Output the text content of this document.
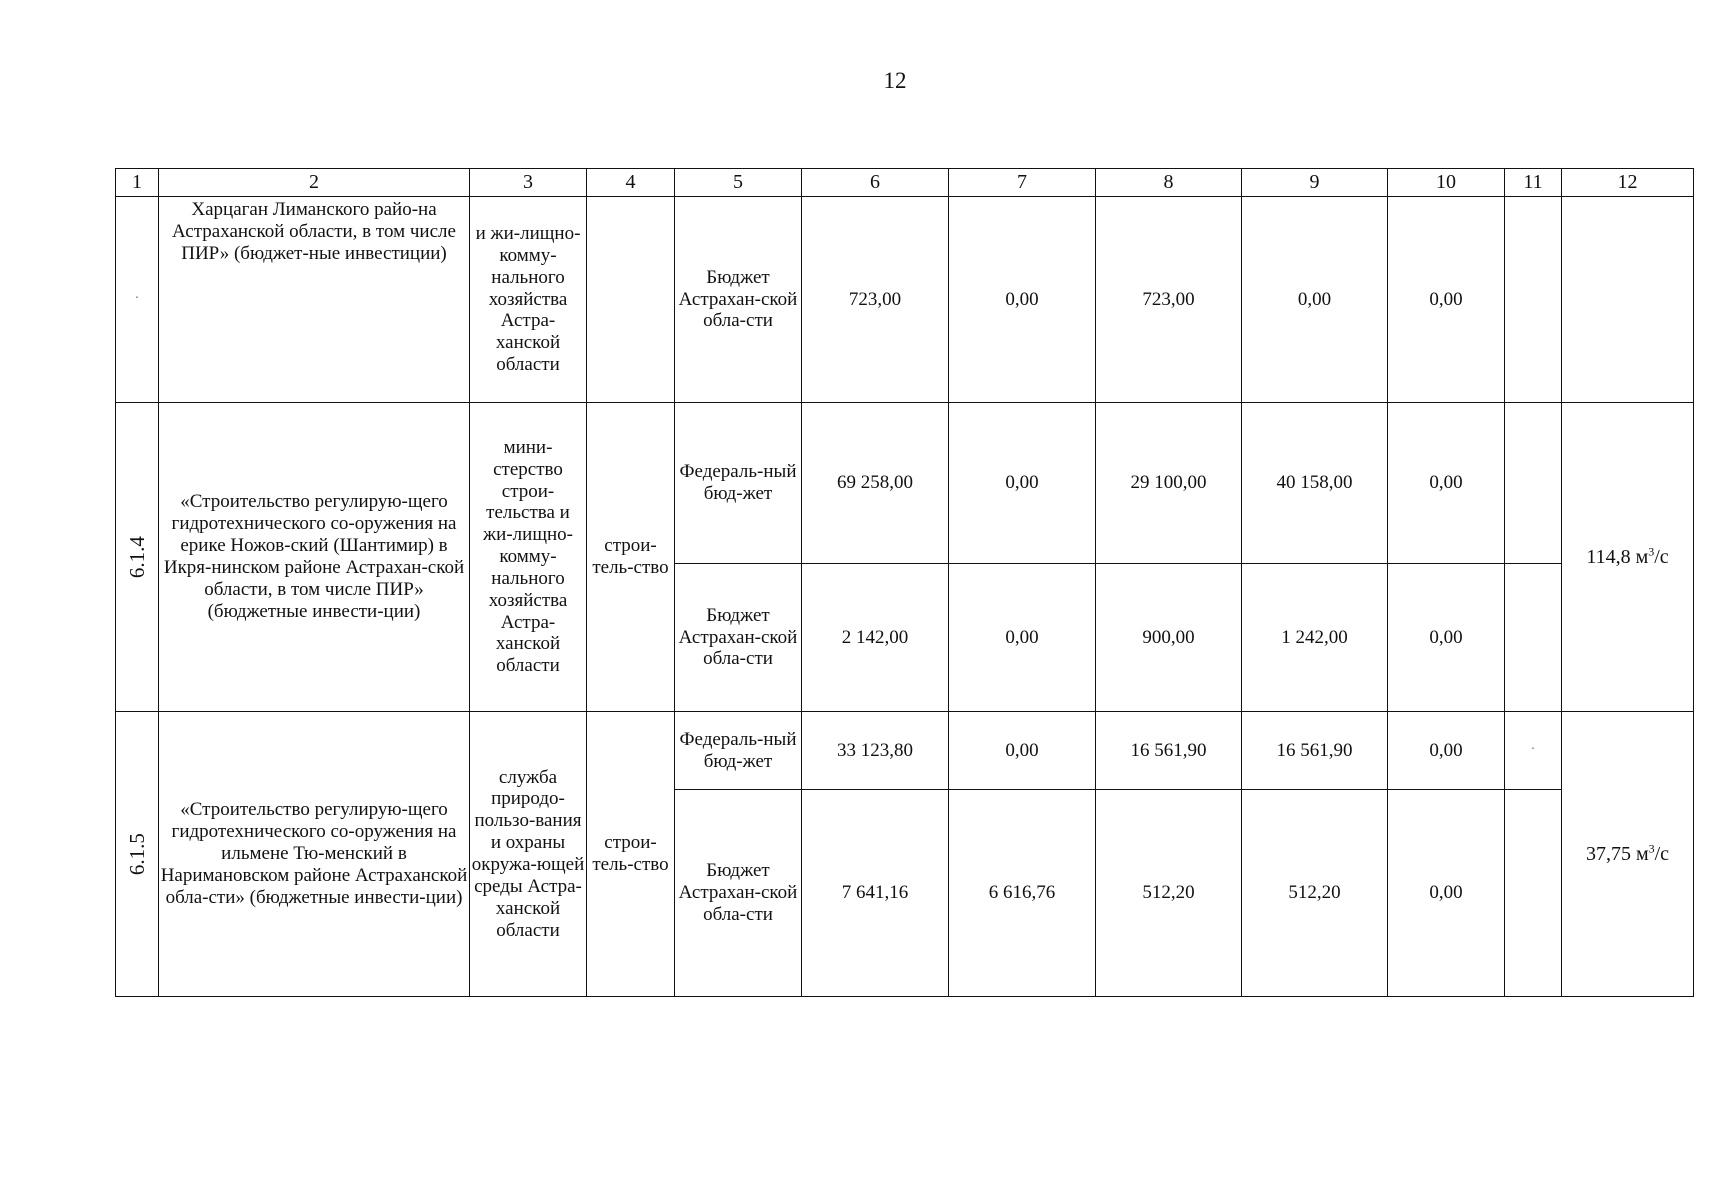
12
1	2	3	4	5	6	7	8	9	10	11	12
·	Харцаган Лиманского райо-на Астраханской области, в том числе ПИР» (бюджет-ные инвестиции)	и жи-лищно-комму-нального хозяйства Астра-ханской области		Бюджет Астрахан-ской обла-сти	723,00	0,00	723,00	0,00	0,00		
6.1.4	«Строительство регулирую-щего гидротехнического со-оружения на ерике Ножов-ский (Шантимир) в Икря-нинском районе Астрахан-ской области, в том числе ПИР» (бюджетные инвести-ции)	мини-стерство строи-тельства и жи-лищно-комму-нального хозяйства Астра-ханской области	строи-тель-ство	Федераль-ный бюд-жет	69 258,00	0,00	29 100,00	40 158,00	0,00		114,8 $м^3/с$
				Бюджет Астрахан-ской обла-сти	2 142,00	0,00	900,00	1 242,00	0,00		
6.1.5	«Строительство регулирую-щего гидротехнического со-оружения на ильмене Тю-менский в Наримановском районе Астраханской обла-сти» (бюджетные инвести-ции)	служба природо-пользо-вания и охраны окружа-ющей среды Астра-ханской области	строи-тель-ство	Федераль-ный бюд-жет	33 123,80	0,00	16 561,90	16 561,90	0,00	·	37,75 $м^3/с$
				Бюджет Астрахан-ской обла-сти	7 641,16	6 616,76	512,20	512,20	0,00		
